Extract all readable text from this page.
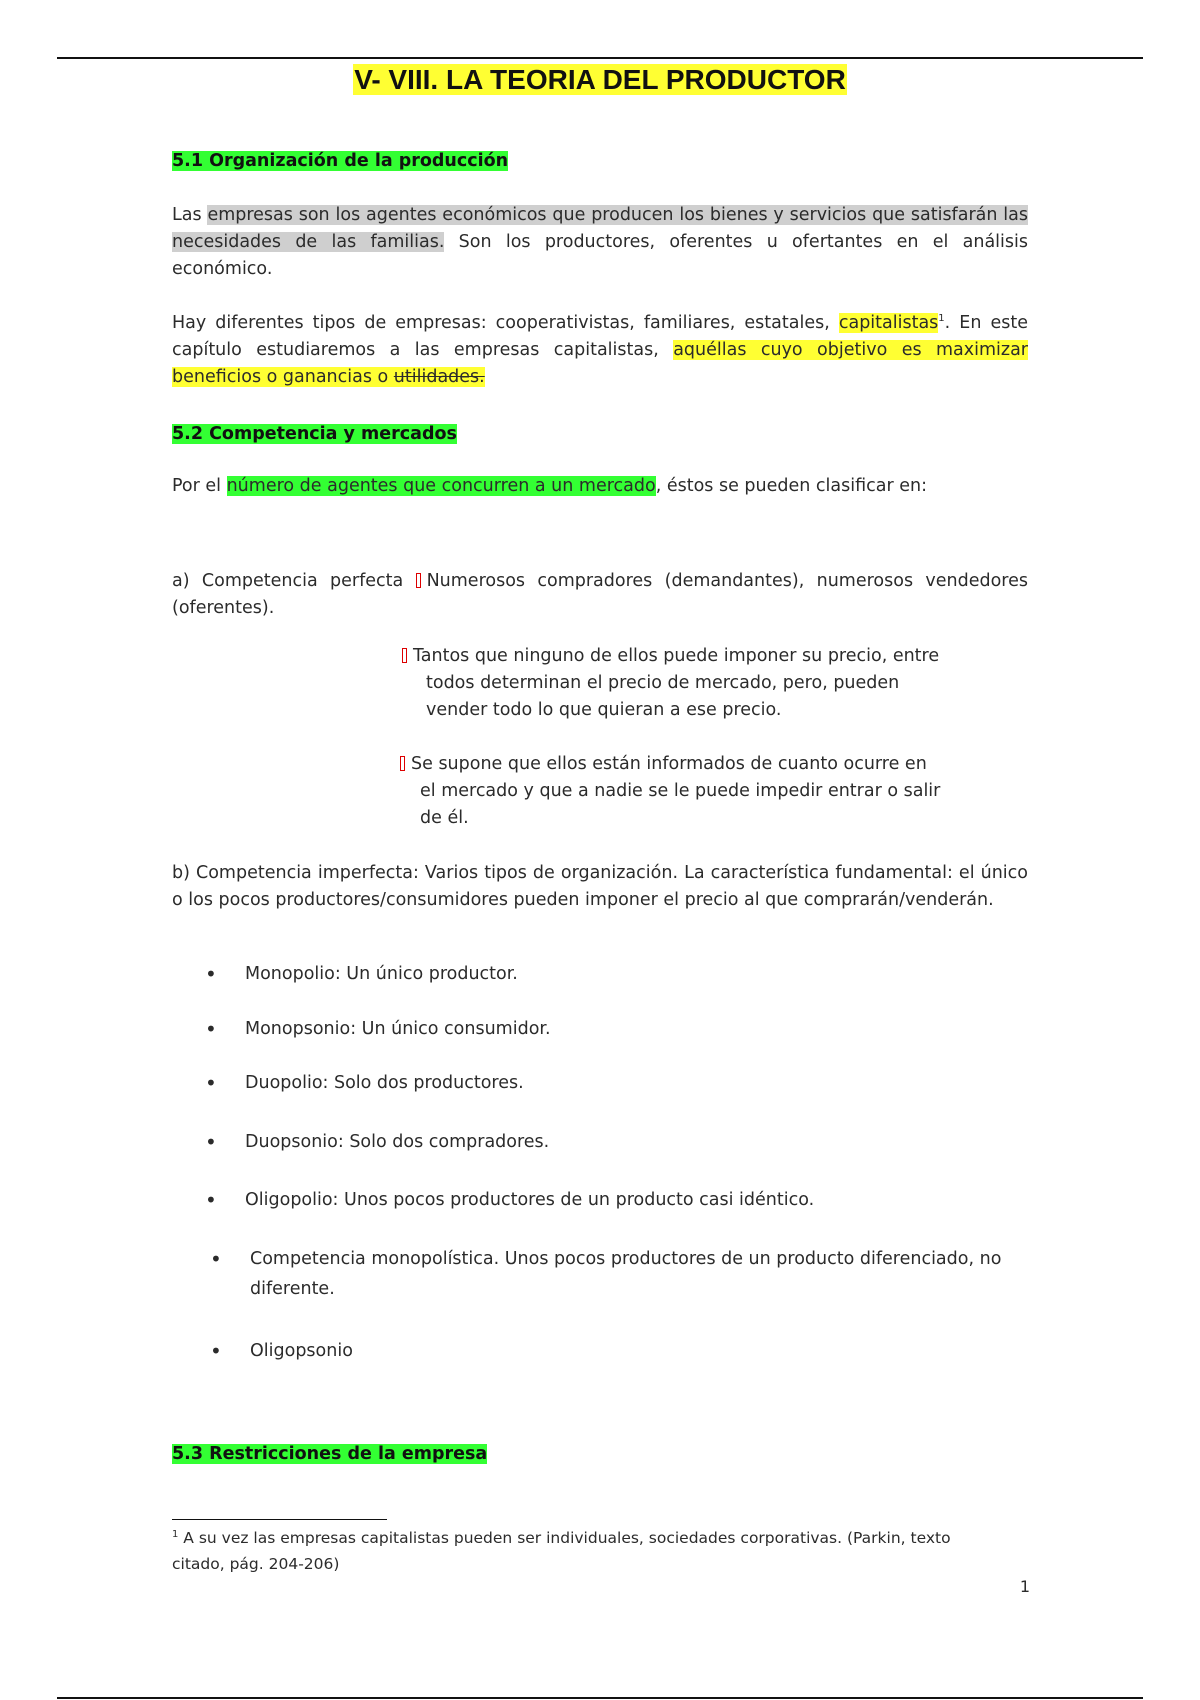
V- VIII. LA TEORIA DEL PRODUCTOR
5.1 Organización de la producción
Las empresas son los agentes económicos que producen los bienes y servicios que satisfarán las necesidades de las familias. Son los productores, oferentes u ofertantes en el análisis económico.
Hay diferentes tipos de empresas: cooperativistas, familiares, estatales, capitalistas$^1$. En este capítulo estudiaremos a las empresas capitalistas, aquéllas cuyo objetivo es maximizar beneficios o ganancias o utilidades.
5.2 Competencia y mercados
Por el número de agentes que concurren a un mercado, éstos se pueden clasificar en:
a) Competencia perfecta Numerosos compradores (demandantes), numerosos vendedores (oferentes).
Tantos que ninguno de ellos puede imponer su precio, entre
todos determinan el precio de mercado, pero, pueden
vender todo lo que quieran a ese precio.
Se supone que ellos están informados de cuanto ocurre en
el mercado y que a nadie se le puede impedir entrar o salir
de él.
b) Competencia imperfecta: Varios tipos de organización. La característica fundamental: el único o los pocos productores/consumidores pueden imponer el precio al que comprarán/venderán.
• Monopolio: Un único productor.
• Monopsonio: Un único consumidor.
• Duopolio: Solo dos productores.
• Duopsonio: Solo dos compradores.
• Oligopolio: Unos pocos productores de un producto casi idéntico.
• Competencia monopolística. Unos pocos productores de un producto diferenciado, no diferente.
• Oligopsonio
5.3 Restricciones de la empresa
$^1$ A su vez las empresas capitalistas pueden ser individuales, sociedades corporativas. (Parkin, texto citado, pág. 204-206)
1
